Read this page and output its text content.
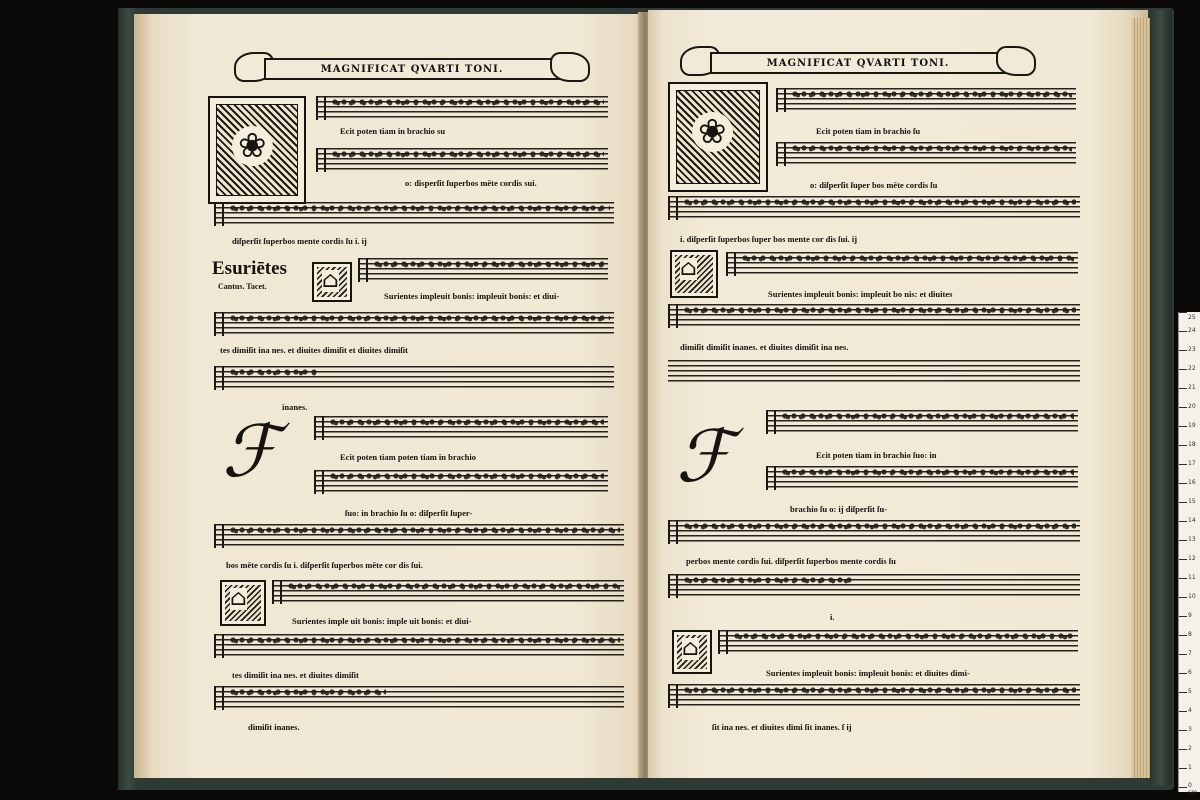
MAGNIFICAT QVARTI TONI.
❀
Ecit poten tiam in brachio su
o: disperſit ſuperbos mēte cordis sui.
diſperſit ſuperbos mente cordis ſu i. ij
Esuriētes
Cantus. Tacet.
⌂
Surientes impleuit bonis: impleuit bonis: et diui-
tes dimiſit ina nes. et diuites dimiſit et diuites dimiſit
inanes.
ℱ	Ecit poten tiam poten tiam in brachio
ſuo: in brachio ſu o: diſperſit ſuper-
bos mēte cordis ſu i. diſperſit ſuperbos mēte cor dis ſui.
⌂
Surientes imple uit bonis: imple uit bonis: et diui-
tes dimiſit ina nes. et diuites dimiſit
dimiſit inanes.
MAGNIFICAT QVARTI TONI.
❀
Ecit poten tiam in brachio ſu
o: diſperſit ſuper bos mēte cordis ſu
i. diſperſit ſuperbos ſuper bos mente cor dis ſui. ij
⌂
Surientes impleuit bonis: impleuit bo nis: et diuites
dimiſit dimiſit inanes. et diuites dimiſit ina nes.
ℱ	Ecit poten tiam in brachio ſuo: in
brachio ſu o: ij diſperſit ſu-
perbos mente cordis ſui. diſperſit ſuperbos mente cordis ſu
i.
⌂
Surientes impleuit bonis: impleuit bonis: et diuites dimi-
ſit ina nes. et diuites dimi ſit inanes. ſ ij
0 cm
1
2
3
4
5
6
7
8
9
10
11
12
13
14
15
16
17
18
19
20
21
22
23
24
25
